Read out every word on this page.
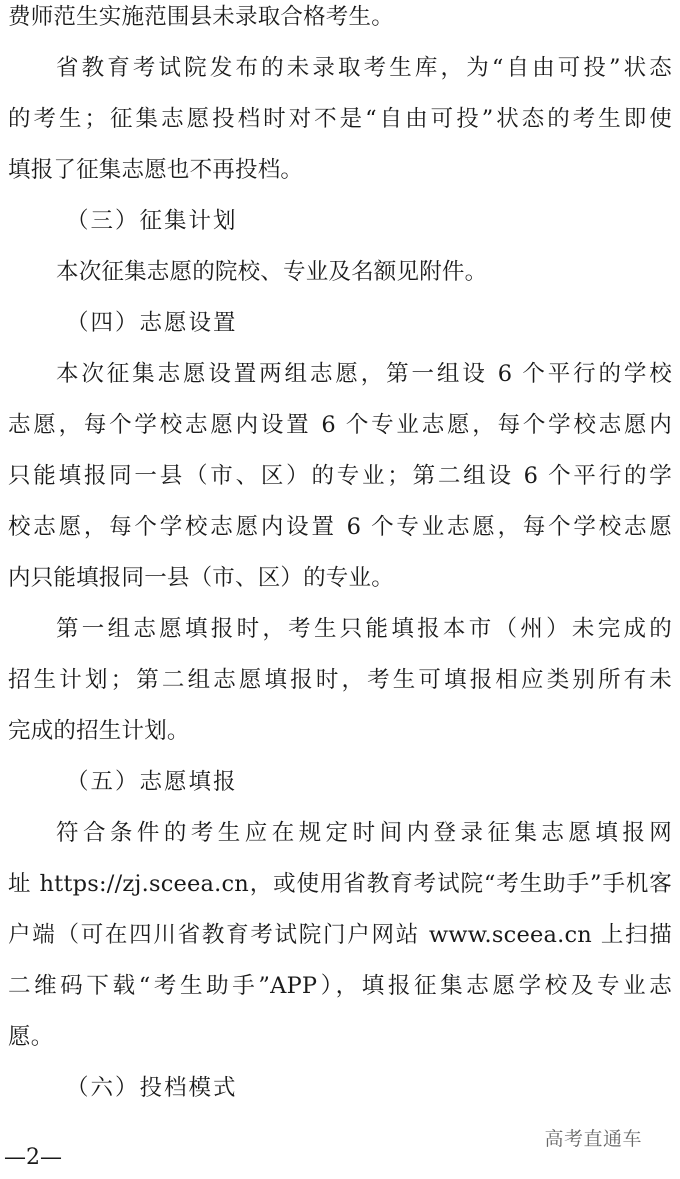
费师范生实施范围县未录取合格考生。
省教育考试院发布的未录取考生库，为“自由可投”状态
的考生；征集志愿投档时对不是“自由可投”状态的考生即使
填报了征集志愿也不再投档。
（三）征集计划
本次征集志愿的院校、专业及名额见附件。
（四）志愿设置
本次征集志愿设置两组志愿，第一组设 6 个平行的学校
志愿，每个学校志愿内设置 6 个专业志愿，每个学校志愿内
只能填报同一县（市、区）的专业；第二组设 6 个平行的学
校志愿，每个学校志愿内设置 6 个专业志愿，每个学校志愿
内只能填报同一县（市、区）的专业。
第一组志愿填报时，考生只能填报本市（州）未完成的
招生计划；第二组志愿填报时，考生可填报相应类别所有未
完成的招生计划。
（五）志愿填报
符合条件的考生应在规定时间内登录征集志愿填报网
址 https://zj.sceea.cn，或使用省教育考试院“考生助手”手机客
户端（可在四川省教育考试院门户网站 www.sceea.cn 上扫描
二维码下载“考生助手”APP），填报征集志愿学校及专业志
愿。
（六）投档模式
高考直通车
—2—
